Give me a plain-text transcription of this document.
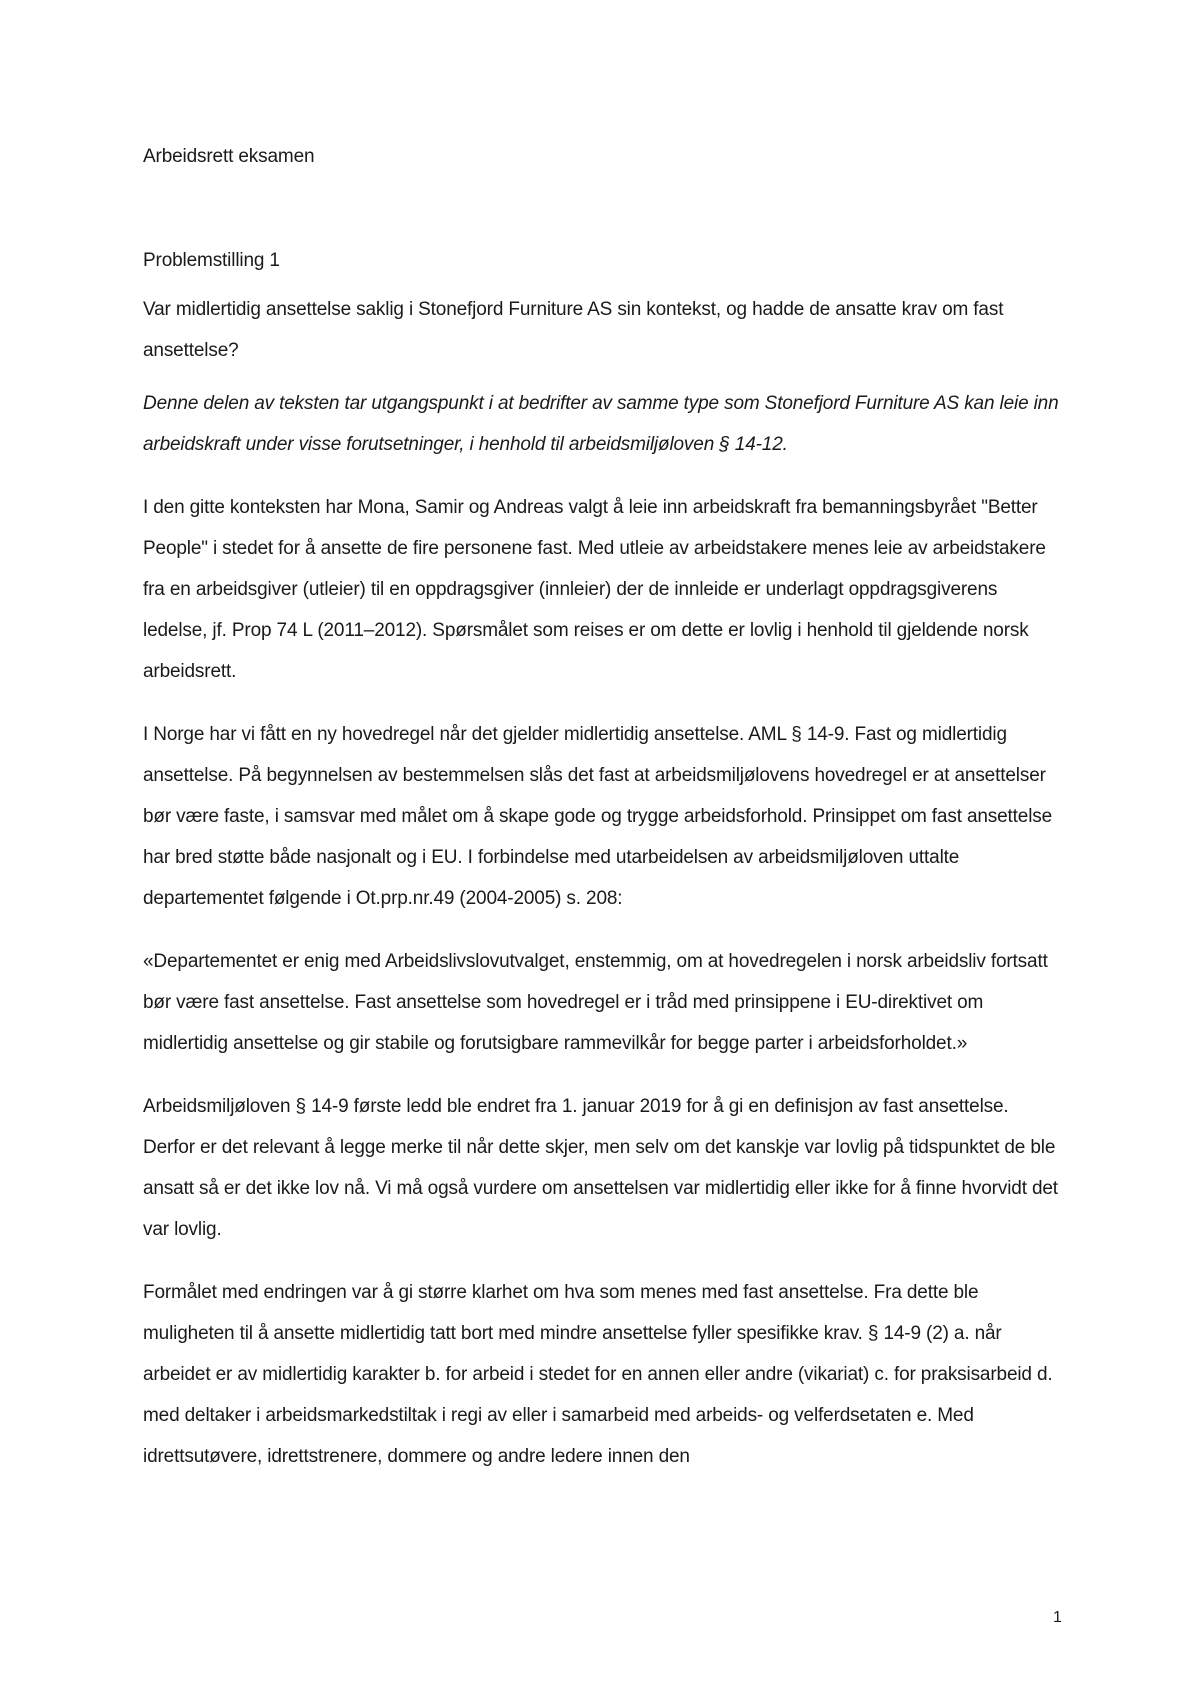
Arbeidsrett eksamen

Problemstilling 1

Var midlertidig ansettelse saklig i Stonefjord Furniture AS sin kontekst, og hadde de ansatte krav om fast ansettelse?

Denne delen av teksten tar utgangspunkt i at bedrifter av samme type som Stonefjord Furniture AS kan leie inn arbeidskraft under visse forutsetninger, i henhold til arbeidsmiljøloven § 14-12.

I den gitte konteksten har Mona, Samir og Andreas valgt å leie inn arbeidskraft fra bemanningsbyrået "Better People" i stedet for å ansette de fire personene fast. Med utleie av arbeidstakere menes leie av arbeidstakere fra en arbeidsgiver (utleier) til en oppdragsgiver (innleier) der de innleide er underlagt oppdragsgiverens ledelse, jf. Prop 74 L (2011–2012). Spørsmålet som reises er om dette er lovlig i henhold til gjeldende norsk arbeidsrett.

I Norge har vi fått en ny hovedregel når det gjelder midlertidig ansettelse. AML § 14-9. Fast og midlertidig ansettelse. På begynnelsen av bestemmelsen slås det fast at arbeidsmiljølovens hovedregel er at ansettelser bør være faste, i samsvar med målet om å skape gode og trygge arbeidsforhold. Prinsippet om fast ansettelse har bred støtte både nasjonalt og i EU. I forbindelse med utarbeidelsen av arbeidsmiljøloven uttalte departementet følgende i Ot.prp.nr.49 (2004-2005) s. 208:

«Departementet er enig med Arbeidslivslovutvalget, enstemmig, om at hovedregelen i norsk arbeidsliv fortsatt bør være fast ansettelse. Fast ansettelse som hovedregel er i tråd med prinsippene i EU-direktivet om midlertidig ansettelse og gir stabile og forutsigbare rammevilkår for begge parter i arbeidsforholdet.»

Arbeidsmiljøloven § 14-9 første ledd ble endret fra 1. januar 2019 for å gi en definisjon av fast ansettelse. Derfor er det relevant å legge merke til når dette skjer, men selv om det kanskje var lovlig på tidspunktet de ble ansatt så er det ikke lov nå. Vi må også vurdere om ansettelsen var midlertidig eller ikke for å finne hvorvidt det var lovlig.

Formålet med endringen var å gi større klarhet om hva som menes med fast ansettelse. Fra dette ble muligheten til å ansette midlertidig tatt bort med mindre ansettelse fyller spesifikke krav. § 14-9 (2) a. når arbeidet er av midlertidig karakter b. for arbeid i stedet for en annen eller andre (vikariat) c. for praksisarbeid d. med deltaker i arbeidsmarkedstiltak i regi av eller i samarbeid med arbeids- og velferdsetaten e. Med idrettsutøvere, idrettstrenere, dommere og andre ledere innen den

1
